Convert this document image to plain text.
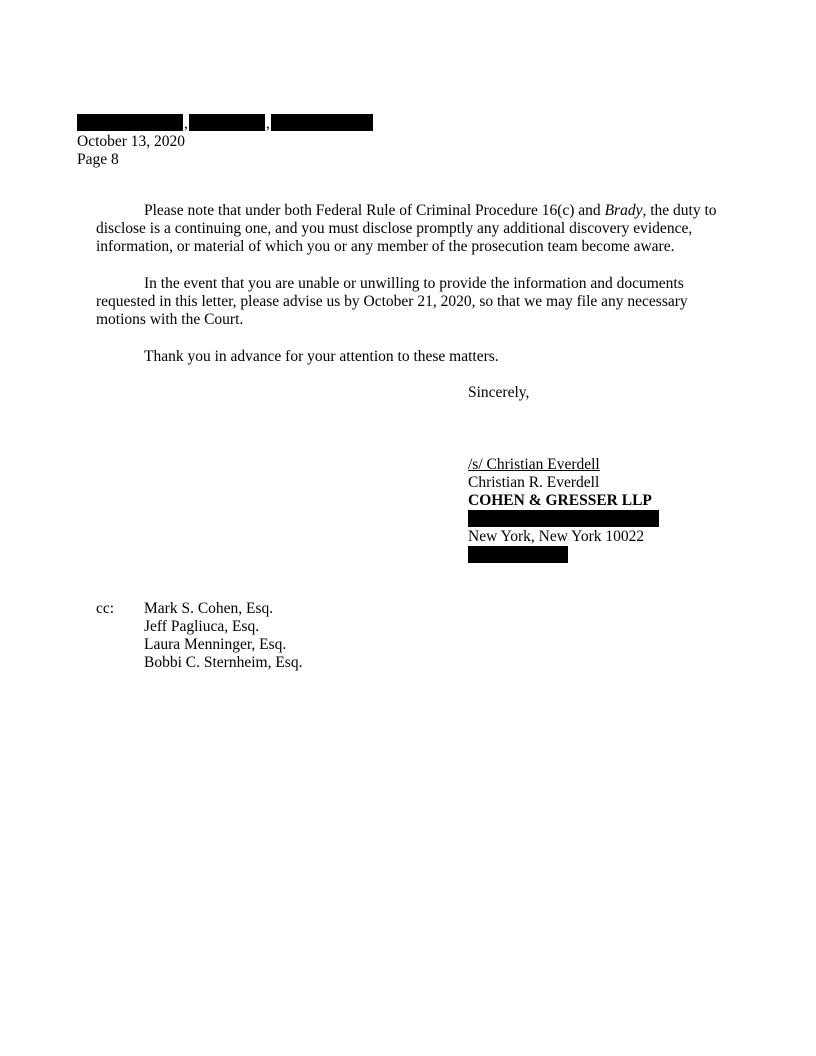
,	,
October 13, 2020
Page 8

Please note that under both Federal Rule of Criminal Procedure 16(c) and Brady, the duty to disclose is a continuing one, and you must disclose promptly any additional discovery evidence, information, or material of which you or any member of the prosecution team become aware.

In the event that you are unable or unwilling to provide the information and documents requested in this letter, please advise us by October 21, 2020, so that we may file any necessary motions with the Court.

Thank you in advance for your attention to these matters.

Sincerely,
/s/ Christian Everdell
Christian R. Everdell
COHEN & GRESSER LLP
New York, New York 10022
cc: Mark S. Cohen, Esq.
Jeff Pagliuca, Esq.
Laura Menninger, Esq.
Bobbi C. Sternheim, Esq.
